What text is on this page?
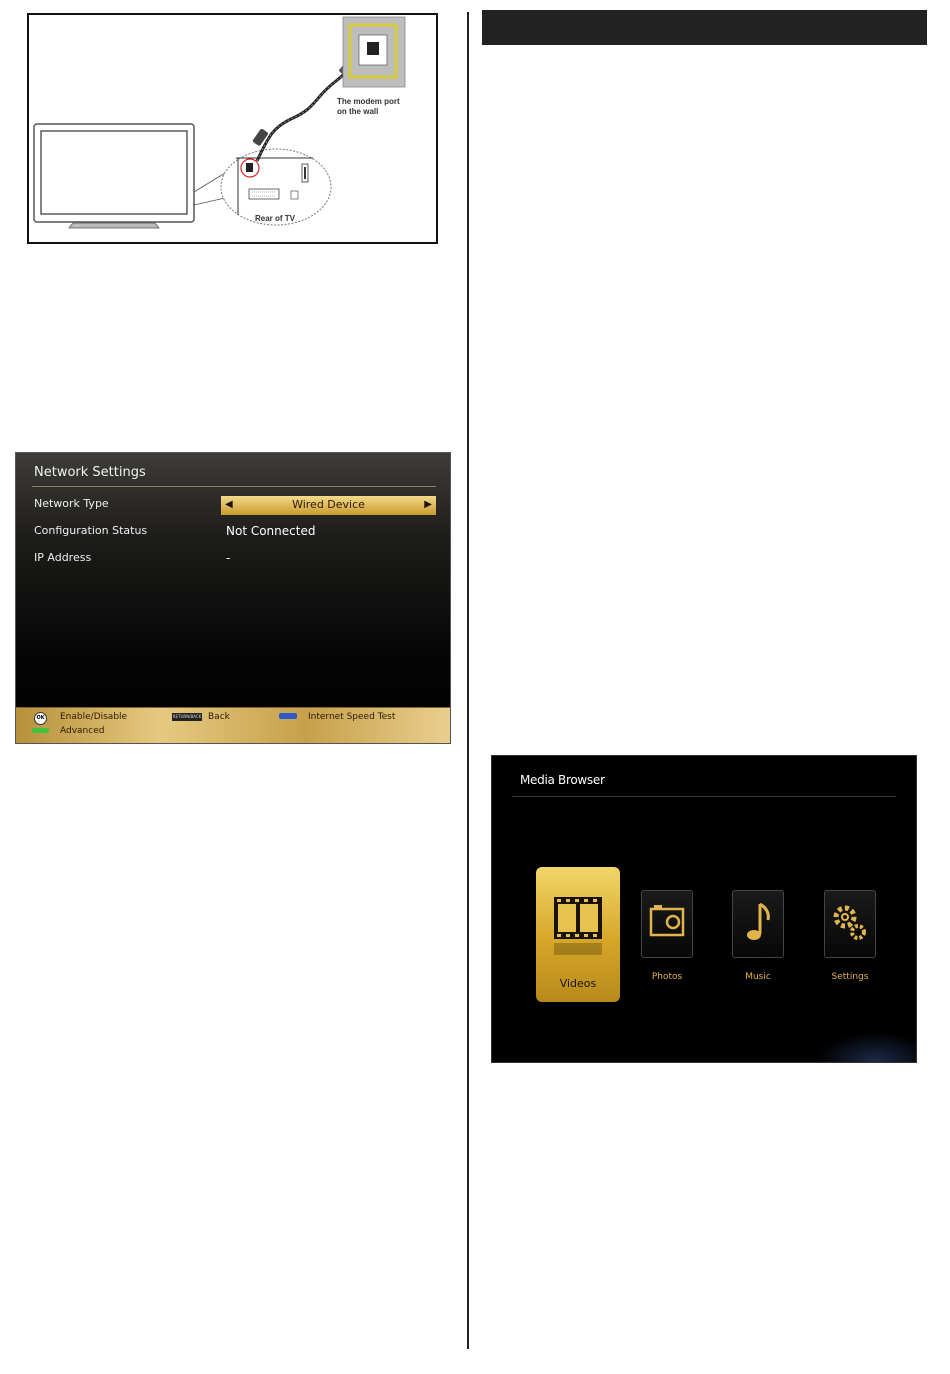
The modem port
on the wall
Rear of TV
Network Settings
Network Type	◀	Wired Device	▶
Configuration Status	Not Connected
IP Address	-
OK Enable/Disable	RETURN/BACK Back	Internet Speed Test
Advanced
Media Browser
Videos	Photos	Music	Settings
